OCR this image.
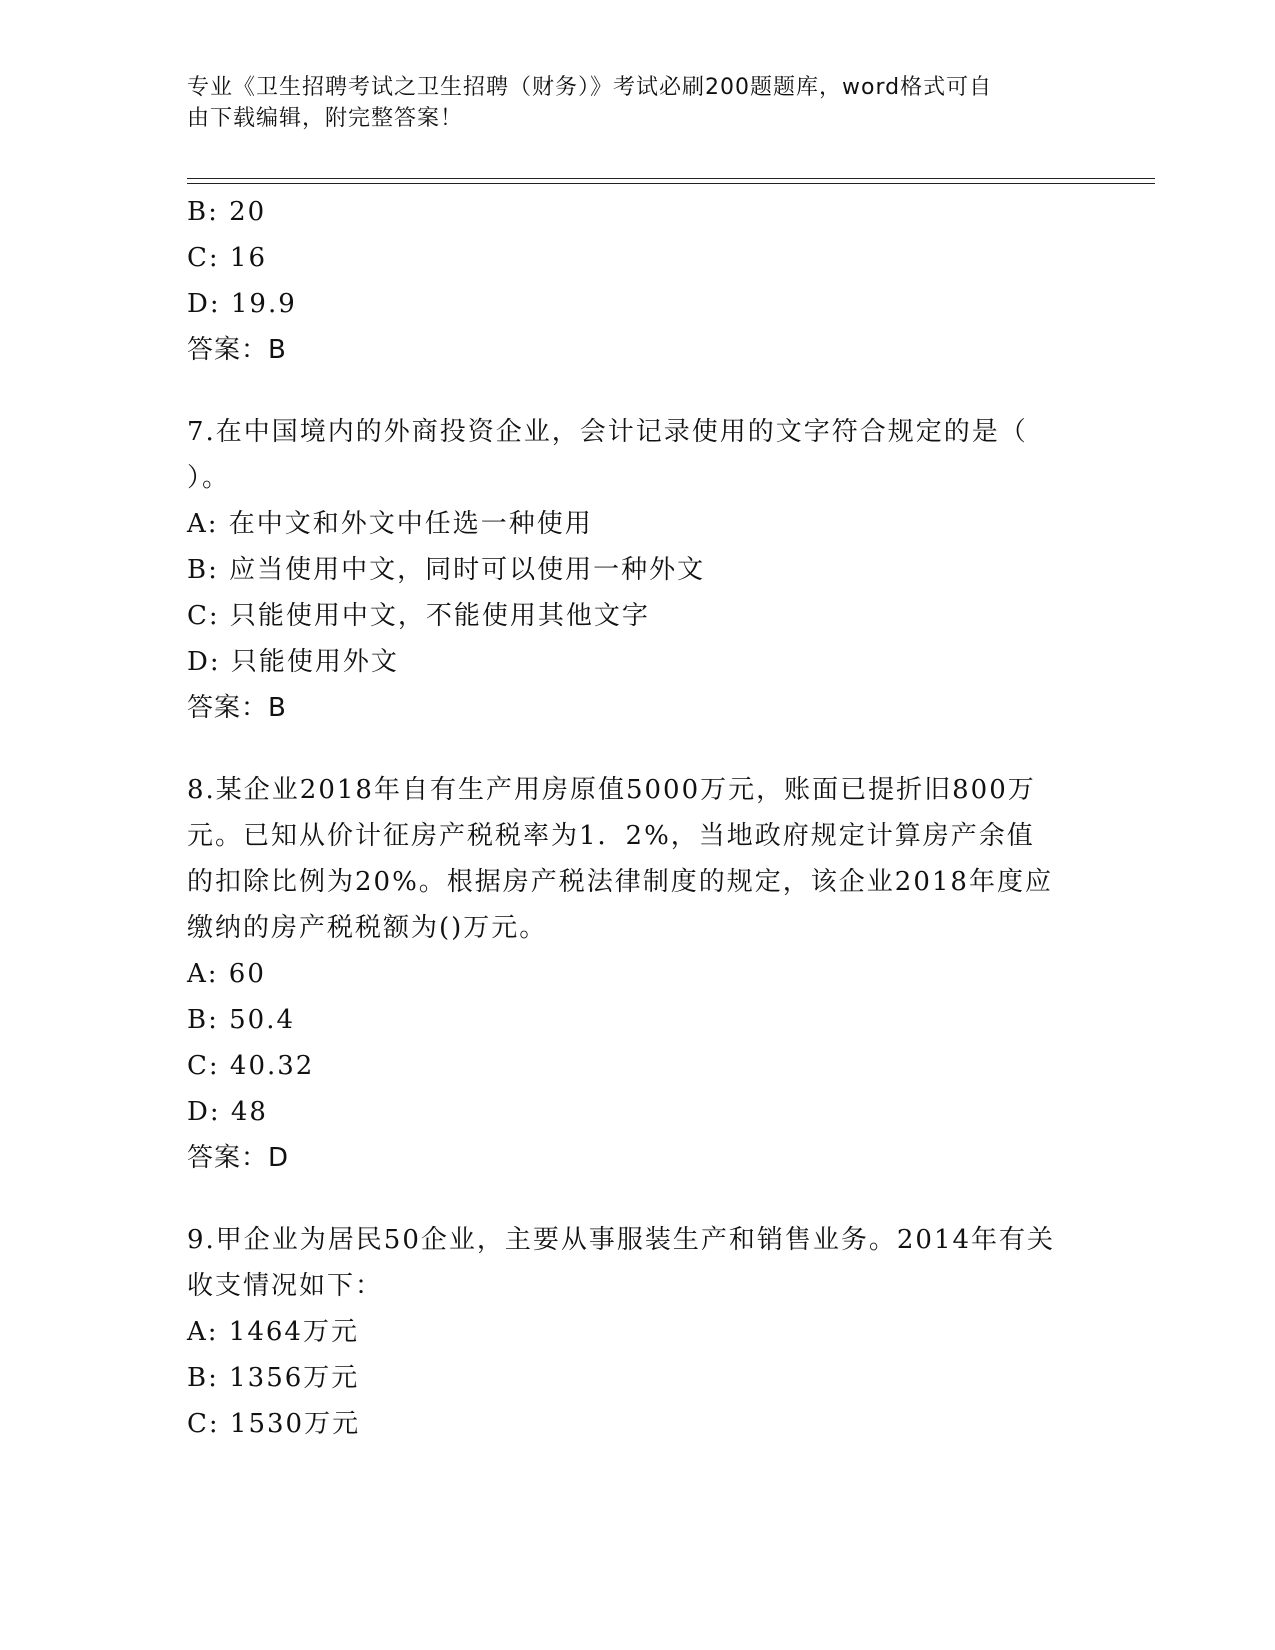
专业《卫生招聘考试之卫生招聘（财务）》考试必刷200题题库，word格式可自
由下载编辑，附完整答案！
B: 20
C: 16
D: 19.9
答案：B
7.在中国境内的外商投资企业，会计记录使用的文字符合规定的是（
）。
A: 在中文和外文中任选一种使用
B: 应当使用中文，同时可以使用一种外文
C: 只能使用中文，不能使用其他文字
D: 只能使用外文
答案：B
8.某企业2018年自有生产用房原值5000万元，账面已提折旧800万
元。已知从价计征房产税税率为1．2%，当地政府规定计算房产余值
的扣除比例为20%。根据房产税法律制度的规定，该企业2018年度应
缴纳的房产税税额为()万元。
A: 60
B: 50.4
C: 40.32
D: 48
答案：D
9.甲企业为居民50企业，主要从事服装生产和销售业务。2014年有关
收支情况如下：
A: 1464万元
B: 1356万元
C: 1530万元
